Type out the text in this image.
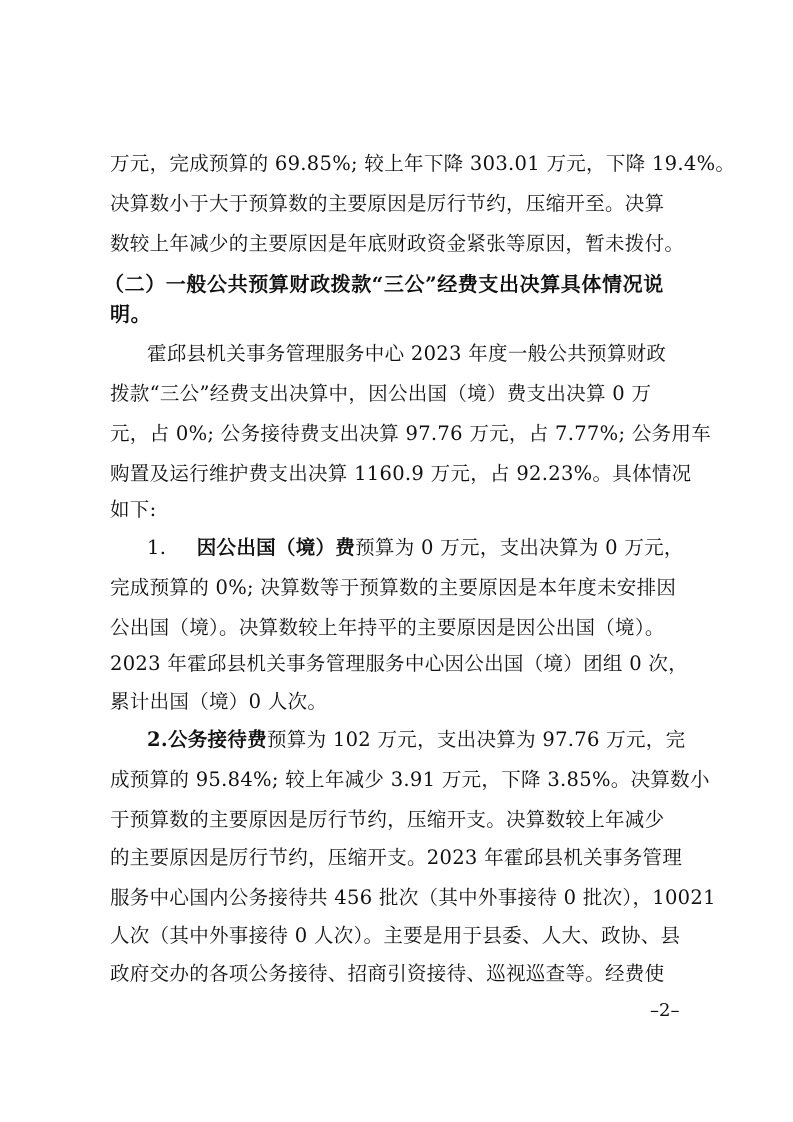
万元，完成预算的 69.85%; 较上年下降 303.01 万元，下降 19.4%。
决算数小于大于预算数的主要原因是厉行节约，压缩开至。决算
数较上年减少的主要原因是年底财政资金紧张等原因，暂未拨付。
（二）一般公共预算财政拨款“三公”经费支出决算具体情况说
明。
霍邱县机关事务管理服务中心 2023 年度一般公共预算财政
拨款“三公”经费支出决算中，因公出国（境）费支出决算 0 万
元，占 0%; 公务接待费支出决算 97.76 万元，占 7.77%; 公务用车
购置及运行维护费支出决算 1160.9 万元，占 92.23%。具体情况
如下:
1. 因公出国（境）费预算为 0 万元，支出决算为 0 万元，
完成预算的 0%; 决算数等于预算数的主要原因是本年度未安排因
公出国（境）。决算数较上年持平的主要原因是因公出国（境）。
2023 年霍邱县机关事务管理服务中心因公出国（境）团组 0 次，
累计出国（境）0 人次。
2.公务接待费预算为 102 万元，支出决算为 97.76 万元，完
成预算的 95.84%; 较上年减少 3.91 万元，下降 3.85%。决算数小
于预算数的主要原因是厉行节约，压缩开支。决算数较上年减少
的主要原因是厉行节约，压缩开支。2023 年霍邱县机关事务管理
服务中心国内公务接待共 456 批次（其中外事接待 0 批次），10021
人次（其中外事接待 0 人次）。主要是用于县委、人大、政协、县
政府交办的各项公务接待、招商引资接待、巡视巡查等。经费使
–2–
